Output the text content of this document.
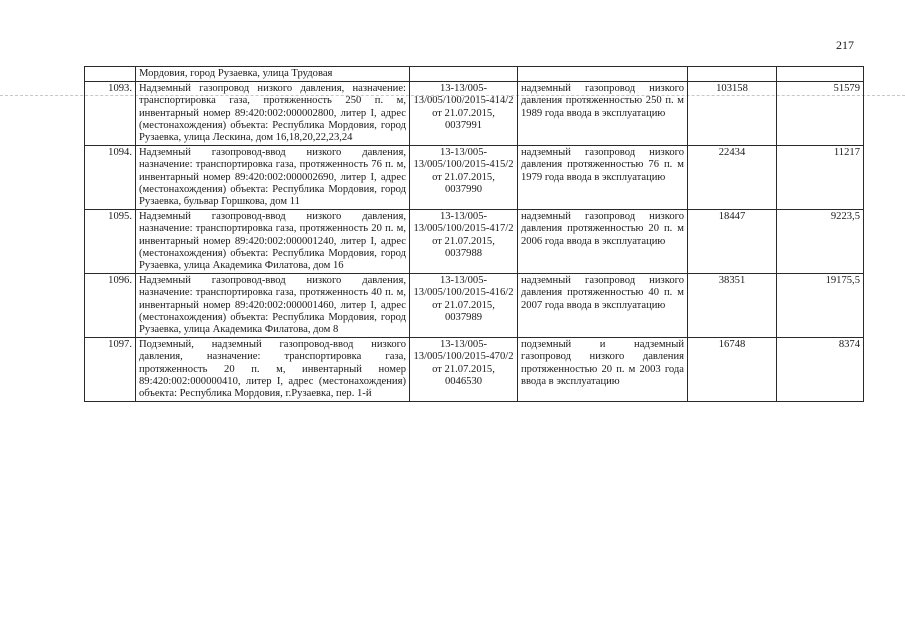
217
	Мордовия, город Рузаевка, улица Трудовая				
1093.	Надземный газопровод низкого давления, назначение: транспортировка газа, протяженность 250 п. м, инвентарный номер 89:420:002:000002800, литер I, адрес (местонахождения) объекта: Республика Мордовия, город Рузаевка, улица Лескина, дом 16,18,20,22,23,24	13-13/005-13/005/100/2015-414/2 от 21.07.2015, 0037991	надземный газопровод низкого давления протяженностью 250 п. м 1989 года ввода в эксплуатацию	103158	51579
1094.	Надземный газопровод-ввод низкого давления, назначение: транспортировка газа, протяженность 76 п. м, инвентарный номер 89:420:002:000002690, литер I, адрес (местонахождения) объекта: Республика Мордовия, город Рузаевка, бульвар Горшкова, дом 11	13-13/005-13/005/100/2015-415/2 от 21.07.2015, 0037990	надземный газопровод низкого давления протяженностью 76 п. м 1979 года ввода в эксплуатацию	22434	11217
1095.	Надземный газопровод-ввод низкого давления, назначение: транспортировка газа, протяженность 20 п. м, инвентарный номер 89:420:002:000001240, литер I, адрес (местонахождения) объекта: Республика Мордовия, город Рузаевка, улица Академика Филатова, дом 16	13-13/005-13/005/100/2015-417/2 от 21.07.2015, 0037988	надземный газопровод низкого давления протяженностью 20 п. м 2006 года ввода в эксплуатацию	18447	9223,5
1096.	Надземный газопровод-ввод низкого давления, назначение: транспортировка газа, протяженность 40 п. м, инвентарный номер 89:420:002:000001460, литер I, адрес (местонахождения) объекта: Республика Мордовия, город Рузаевка, улица Академика Филатова, дом 8	13-13/005-13/005/100/2015-416/2 от 21.07.2015, 0037989	надземный газопровод низкого давления протяженностью 40 п. м 2007 года ввода в эксплуатацию	38351	19175,5
1097.	Подземный, надземный газопровод-ввод низкого давления, назначение: транспортировка газа, протяженность 20 п. м, инвентарный номер 89:420:002:000000410, литер I, адрес (местонахождения) объекта: Республика Мордовия, г.Рузаевка, пер. 1-й	13-13/005-13/005/100/2015-470/2 от 21.07.2015, 0046530	подземный и надземный газопровод низкого давления протяженностью 20 п. м 2003 года ввода в эксплуатацию	16748	8374
